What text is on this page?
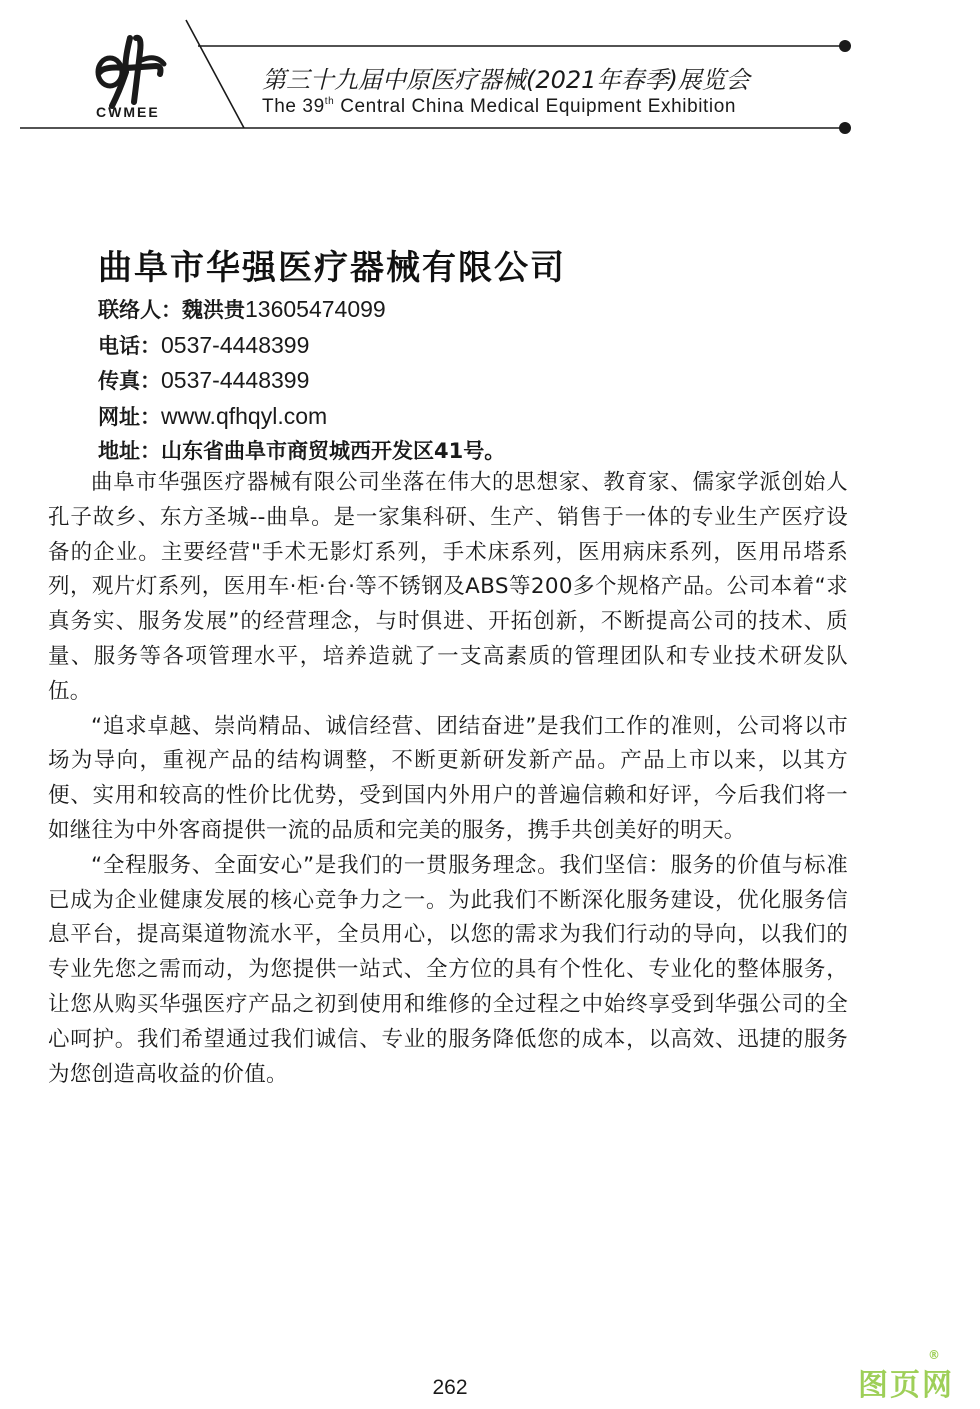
CWMEE
第三十九届中原医疗器械(2021年春季)展览会
The 39th Central China Medical Equipment Exhibition
曲阜市华强医疗器械有限公司
联络人：魏洪贵13605474099
电话：0537-4448399
传真：0537-4448399
网址：www.qfhqyl.com
地址：山东省曲阜市商贸城西开发区41号。

曲阜市华强医疗器械有限公司坐落在伟大的思想家、教育家、儒家学派创始人孔子故乡、东方圣城--曲阜。是一家集科研、生产、销售于一体的专业生产医疗设备的企业。主要经营"手术无影灯系列，手术床系列，医用病床系列，医用吊塔系列，观片灯系列，医用车·柜·台·等不锈钢及ABS等200多个规格产品。公司本着“求真务实、服务发展”的经营理念，与时俱进、开拓创新，不断提高公司的技术、质量、服务等各项管理水平，培养造就了一支高素质的管理团队和专业技术研发队伍。

“追求卓越、崇尚精品、诚信经营、团结奋进”是我们工作的准则，公司将以市场为导向，重视产品的结构调整，不断更新研发新产品。产品上市以来，以其方便、实用和较高的性价比优势，受到国内外用户的普遍信赖和好评，今后我们将一如继往为中外客商提供一流的品质和完美的服务，携手共创美好的明天。

“全程服务、全面安心”是我们的一贯服务理念。我们坚信：服务的价值与标准已成为企业健康发展的核心竞争力之一。为此我们不断深化服务建设，优化服务信息平台，提高渠道物流水平，全员用心，以您的需求为我们行动的导向，以我们的专业先您之需而动，为您提供一站式、全方位的具有个性化、专业化的整体服务，让您从购买华强医疗产品之初到使用和维修的全过程之中始终享受到华强公司的全心呵护。我们希望通过我们诚信、专业的服务降低您的成本，以高效、迅捷的服务为您创造高收益的价值。

262	图页网
®
